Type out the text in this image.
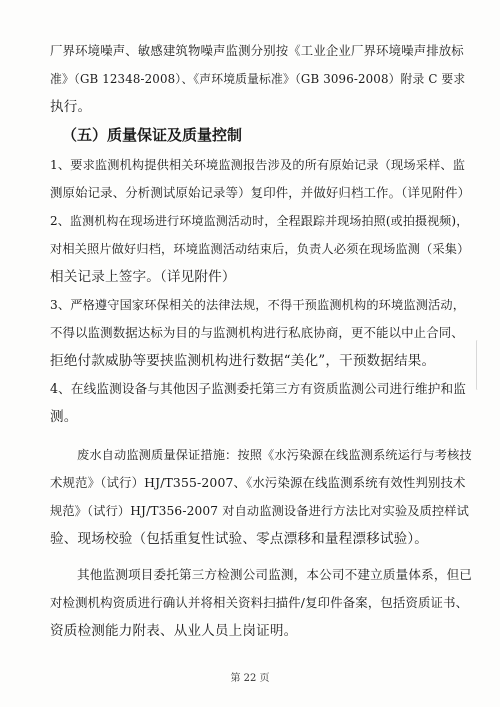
厂界环境噪声、敏感建筑物噪声监测分别按《工业企业厂界环境噪声排放标
准》（GB 12348-2008）、《声环境质量标准》（GB 3096-2008）附录 C 要求
执行。
（五）质量保证及质量控制
1、要求监测机构提供相关环境监测报告涉及的所有原始记录（现场采样、监
测原始记录、分析测试原始记录等）复印件，并做好归档工作。（详见附件）
2、监测机构在现场进行环境监测活动时，全程跟踪并现场拍照(或拍摄视频)，
对相关照片做好归档，环境监测活动结束后，负责人必须在现场监测（采集）
相关记录上签字。（详见附件）
3、严格遵守国家环保相关的法律法规，不得干预监测机构的环境监测活动，
不得以监测数据达标为目的与监测机构进行私底协商，更不能以中止合同、
拒绝付款威胁等要挟监测机构进行数据“美化”，干预数据结果。
4、在线监测设备与其他因子监测委托第三方有资质监测公司进行维护和监
测。
废水自动监测质量保证措施：按照《水污染源在线监测系统运行与考核技
术规范》（试行）HJ/T355-2007、《水污染源在线监测系统有效性判别技术
规范》（试行）HJ/T356-2007 对自动监测设备进行方法比对实验及质控样试
验、现场校验（包括重复性试验、零点漂移和量程漂移试验）。
其他监测项目委托第三方检测公司监测，本公司不建立质量体系，但已
对检测机构资质进行确认并将相关资料扫描件/复印件备案，包括资质证书、
资质检测能力附表、从业人员上岗证明。
第 22 页
